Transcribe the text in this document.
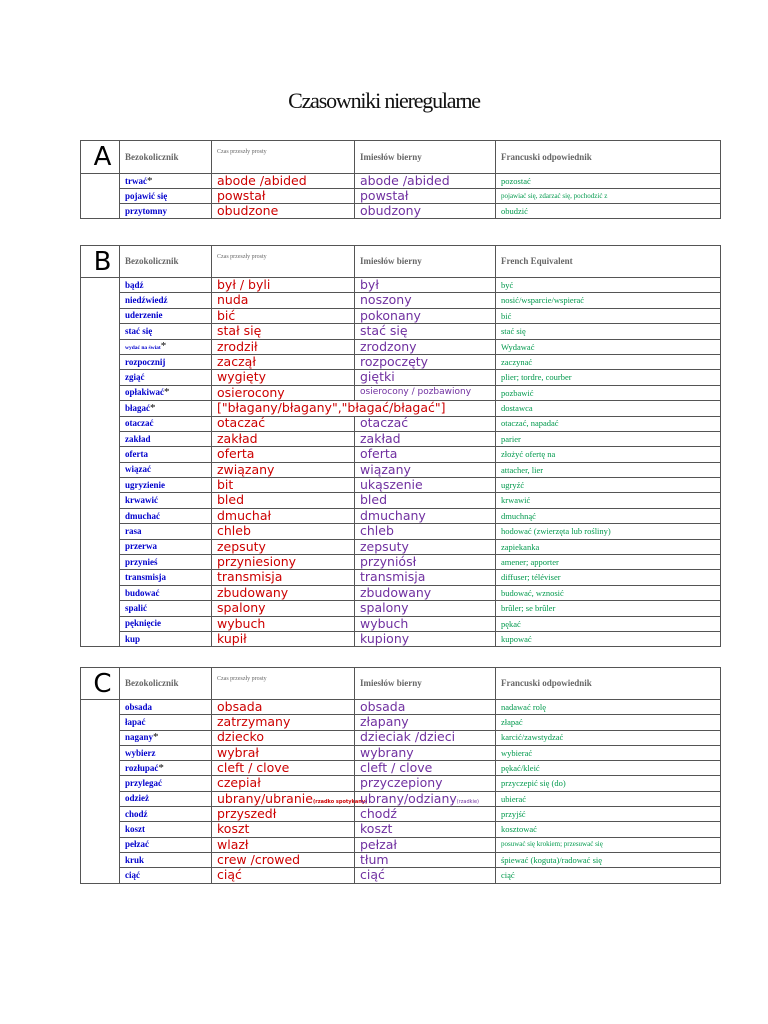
Czasowniki nieregularne
A	Bezokolicznik	Czas przeszły prosty	Imiesłów bierny	Francuski odpowiednik
	trwać*	abode /abided	abode /abided	pozostać
	pojawić się	powstał	powstał	pojawiać się, zdarzać się, pochodzić z
	przytomny	obudzone	obudzony	obudzić
B	Bezokolicznik	Czas przeszły prosty	Imiesłów bierny	French Equivalent
	bądź	był / byli	był	być
	niedźwiedź	nuda	noszony	nosić/wsparcie/wspierać
	uderzenie	bić	pokonany	bić
	stać się	stał się	stać się	stać się
	wydać na świat*	zrodził	zrodzony	Wydawać
	rozpocznij	zaczął	rozpoczęty	zaczynać
	zgiąć	wygięty	giętki	plier; tordre, courber
	opłakiwać*	osierocony	osierocony / pozbawiony	pozbawić
	błagać*	["błagany/błagany","błagać/błagać"]		dostawca
	otaczać	otaczać	otaczać	otaczać, napadać
	zakład	zakład	zakład	parier
	oferta	oferta	oferta	złożyć ofertę na
	wiązać	związany	wiązany	attacher, lier
	ugryzienie	bit	ukąszenie	ugryźć
	krwawić	bled	bled	krwawić
	dmuchać	dmuchał	dmuchany	dmuchnąć
	rasa	chleb	chleb	hodować (zwierzęta lub rośliny)
	przerwa	zepsuty	zepsuty	zapiekanka
	przynieś	przyniesiony	przyniósł	amener; apporter
	transmisja	transmisja	transmisja	diffuser; téléviser
	budować	zbudowany	zbudowany	budować, wznosić
	spalić	spalony	spalony	brûler; se brûler
	pęknięcie	wybuch	wybuch	pękać
	kup	kupił	kupiony	kupować
C	Bezokolicznik	Czas przeszły prosty	Imiesłów bierny	Francuski odpowiednik
	obsada	obsada	obsada	nadawać rolę
	łapać	zatrzymany	złapany	złapać
	nagany*	dziecko	dzieciak /dzieci	karcić/zawstydzać
	wybierz	wybrał	wybrany	wybierać
	rozłupać*	cleft / clove	cleft / clove	pękać/kleić
	przylegać	czepiał	przyczepiony	przyczepić się (do)
	odzież	ubrany/ubranie(rzadko spotykany)	ubrany/odziany(rzadkie)	ubierać
	chodź	przyszedł	chodź	przyjść
	koszt	koszt	koszt	kosztować
	pełzać	wlazł	pełzał	posuwać się krokiem; przesuwać się
	kruk	crew /crowed	tłum	śpiewać (koguta)/radować się
	ciąć	ciąć	ciąć	ciąć
